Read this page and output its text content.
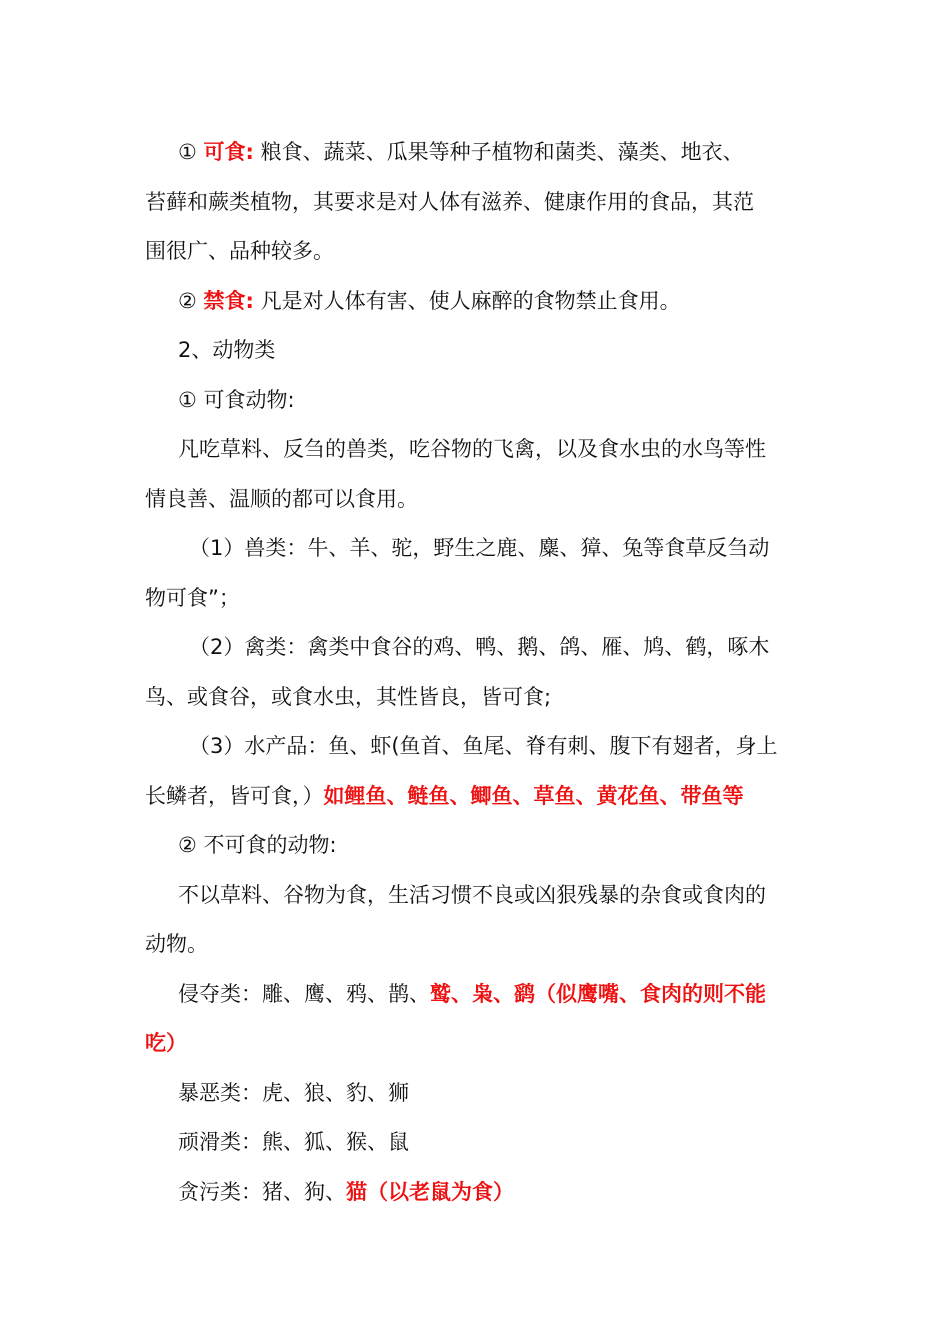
① 可食: 粮食、蔬菜、瓜果等种子植物和菌类、藻类、地衣、

苔藓和蕨类植物，其要求是对人体有滋养、健康作用的食品，其范

围很广、品种较多。

② 禁食: 凡是对人体有害、使人麻醉的食物禁止食用。

2、动物类

① 可食动物:

凡吃草料、反刍的兽类，吃谷物的飞禽，以及食水虫的水鸟等性

情良善、温顺的都可以食用。

（1）兽类：牛、羊、驼，野生之鹿、麋、獐、兔等食草反刍动

物可食”；

（2）禽类：禽类中食谷的鸡、鸭、鹅、鸽、雁、鸠、鹤，啄木

鸟、或食谷，或食水虫，其性皆良，皆可食;

（3）水产品：鱼、虾(鱼首、鱼尾、脊有刺、腹下有翅者，身上

长鳞者，皆可食，）如鲤鱼、鲢鱼、鲫鱼、草鱼、黄花鱼、带鱼等

② 不可食的动物:

不以草料、谷物为食，生活习惯不良或凶狠残暴的杂食或食肉的

动物。

侵夺类：雕、鹰、鸦、鹊、鹫、枭、鹞（似鹰嘴、食肉的则不能

吃）

暴恶类：虎、狼、豹、狮

顽滑类：熊、狐、猴、鼠

贪污类：猪、狗、猫（以老鼠为食）
